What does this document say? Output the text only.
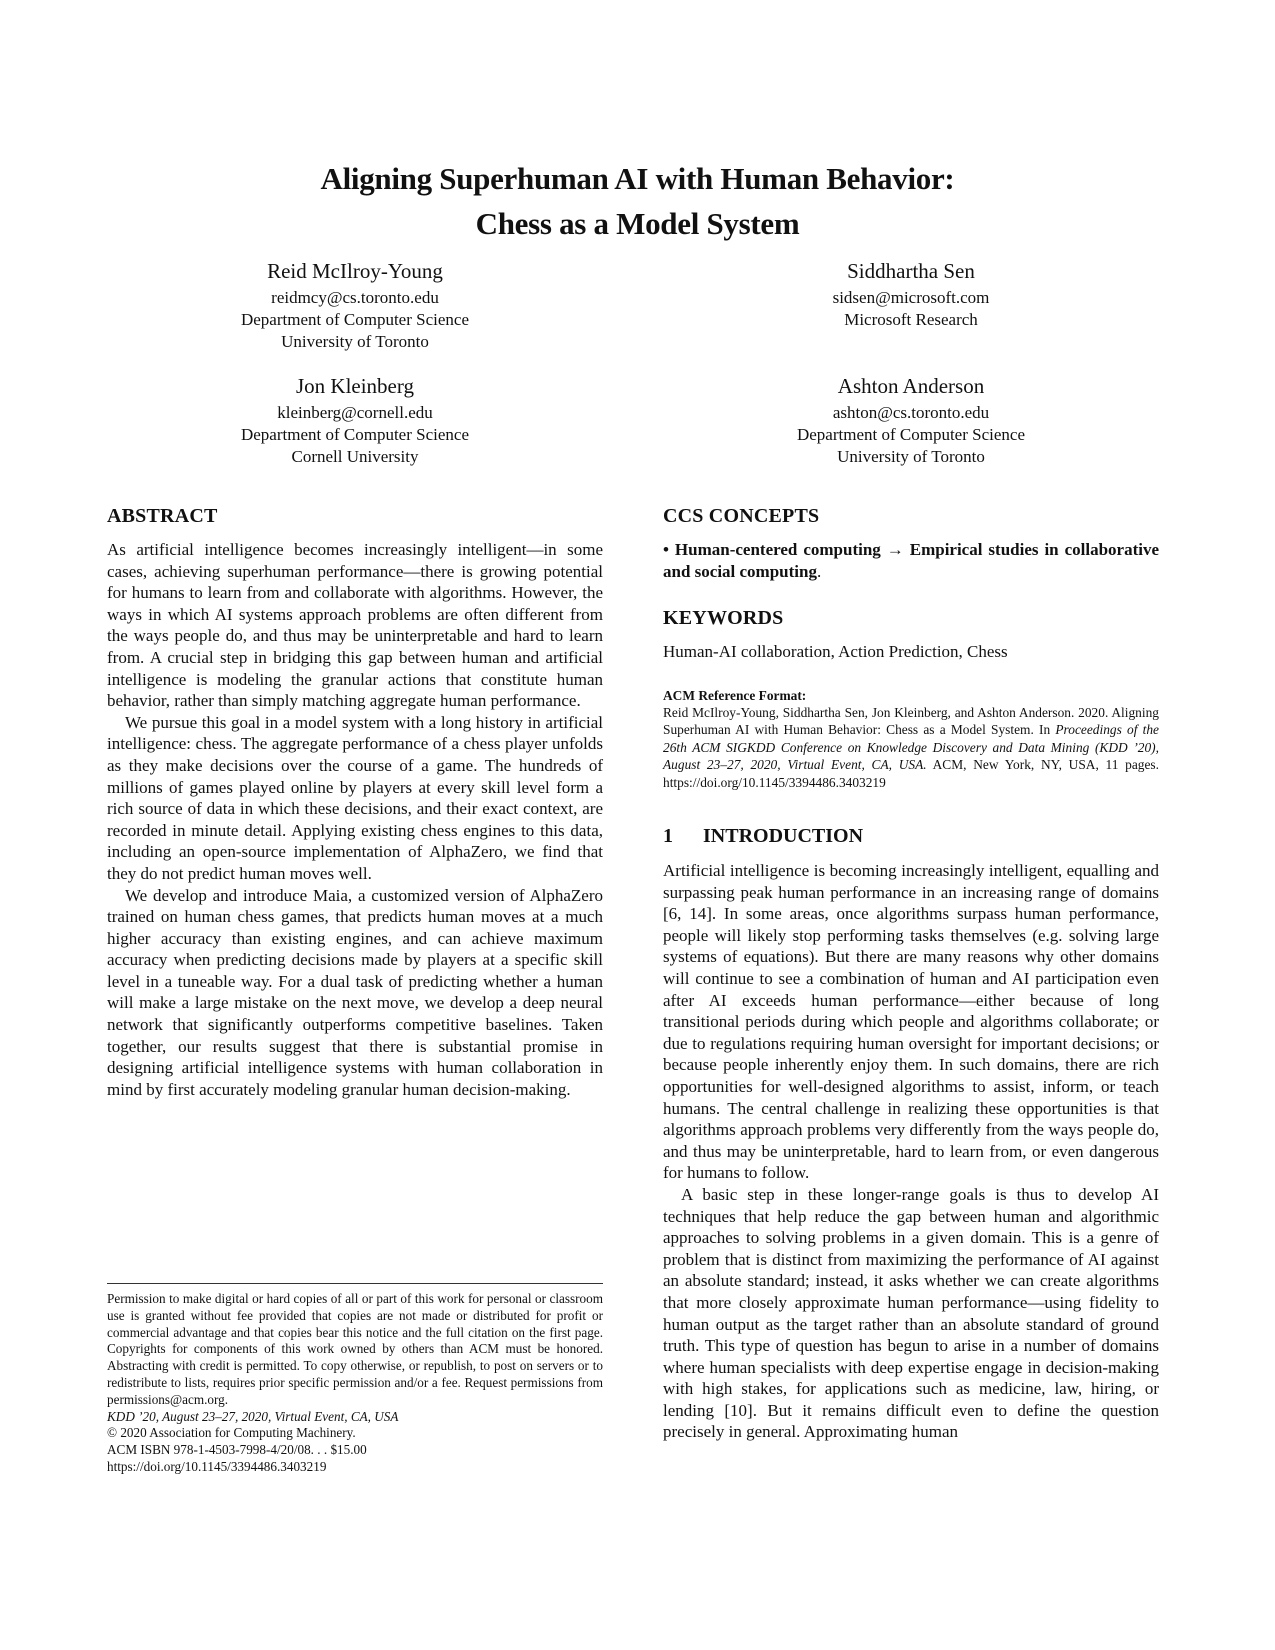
Aligning Superhuman AI with Human Behavior:
Chess as a Model System
Reid McIlroy-Young
reidmcy@cs.toronto.edu
Department of Computer Science
University of Toronto
Siddhartha Sen
sidsen@microsoft.com
Microsoft Research
Jon Kleinberg
kleinberg@cornell.edu
Department of Computer Science
Cornell University
Ashton Anderson
ashton@cs.toronto.edu
Department of Computer Science
University of Toronto
ABSTRACT

As artificial intelligence becomes increasingly intelligent—in some cases, achieving superhuman performance—there is growing potential for humans to learn from and collaborate with algorithms. However, the ways in which AI systems approach problems are often different from the ways people do, and thus may be uninterpretable and hard to learn from. A crucial step in bridging this gap between human and artificial intelligence is modeling the granular actions that constitute human behavior, rather than simply matching aggregate human performance.

We pursue this goal in a model system with a long history in artificial intelligence: chess. The aggregate performance of a chess player unfolds as they make decisions over the course of a game. The hundreds of millions of games played online by players at every skill level form a rich source of data in which these decisions, and their exact context, are recorded in minute detail. Applying existing chess engines to this data, including an open-source implementation of AlphaZero, we find that they do not predict human moves well.

We develop and introduce Maia, a customized version of AlphaZero trained on human chess games, that predicts human moves at a much higher accuracy than existing engines, and can achieve maximum accuracy when predicting decisions made by players at a specific skill level in a tuneable way. For a dual task of predicting whether a human will make a large mistake on the next move, we develop a deep neural network that significantly outperforms competitive baselines. Taken together, our results suggest that there is substantial promise in designing artificial intelligence systems with human collaboration in mind by first accurately modeling granular human decision-making.

Permission to make digital or hard copies of all or part of this work for personal or classroom use is granted without fee provided that copies are not made or distributed for profit or commercial advantage and that copies bear this notice and the full citation on the first page. Copyrights for components of this work owned by others than ACM must be honored. Abstracting with credit is permitted. To copy otherwise, or republish, to post on servers or to redistribute to lists, requires prior specific permission and/or a fee. Request permissions from permissions@acm.org.

KDD ’20, August 23–27, 2020, Virtual Event, CA, USA

© 2020 Association for Computing Machinery.

ACM ISBN 978-1-4503-7998-4/20/08. . . $15.00

https://doi.org/10.1145/3394486.3403219

CCS CONCEPTS

• Human-centered computing → Empirical studies in collaborative and social computing.

KEYWORDS

Human-AI collaboration, Action Prediction, Chess

ACM Reference Format:
Reid McIlroy-Young, Siddhartha Sen, Jon Kleinberg, and Ashton Anderson. 2020. Aligning Superhuman AI with Human Behavior: Chess as a Model System. In Proceedings of the 26th ACM SIGKDD Conference on Knowledge Discovery and Data Mining (KDD ’20), August 23–27, 2020, Virtual Event, CA, USA. ACM, New York, NY, USA, 11 pages. https://doi.org/10.1145/3394486.3403219
1 INTRODUCTION

Artificial intelligence is becoming increasingly intelligent, equalling and surpassing peak human performance in an increasing range of domains [6, 14]. In some areas, once algorithms surpass human performance, people will likely stop performing tasks themselves (e.g. solving large systems of equations). But there are many reasons why other domains will continue to see a combination of human and AI participation even after AI exceeds human performance—either because of long transitional periods during which people and algorithms collaborate; or due to regulations requiring human oversight for important decisions; or because people inherently enjoy them. In such domains, there are rich opportunities for well-designed algorithms to assist, inform, or teach humans. The central challenge in realizing these opportunities is that algorithms approach problems very differently from the ways people do, and thus may be uninterpretable, hard to learn from, or even dangerous for humans to follow.

A basic step in these longer-range goals is thus to develop AI techniques that help reduce the gap between human and algorithmic approaches to solving problems in a given domain. This is a genre of problem that is distinct from maximizing the performance of AI against an absolute standard; instead, it asks whether we can create algorithms that more closely approximate human performance—using fidelity to human output as the target rather than an absolute standard of ground truth. This type of question has begun to arise in a number of domains where human specialists with deep expertise engage in decision-making with high stakes, for applications such as medicine, law, hiring, or lending [10]. But it remains difficult even to define the question precisely in general. Approximating human
